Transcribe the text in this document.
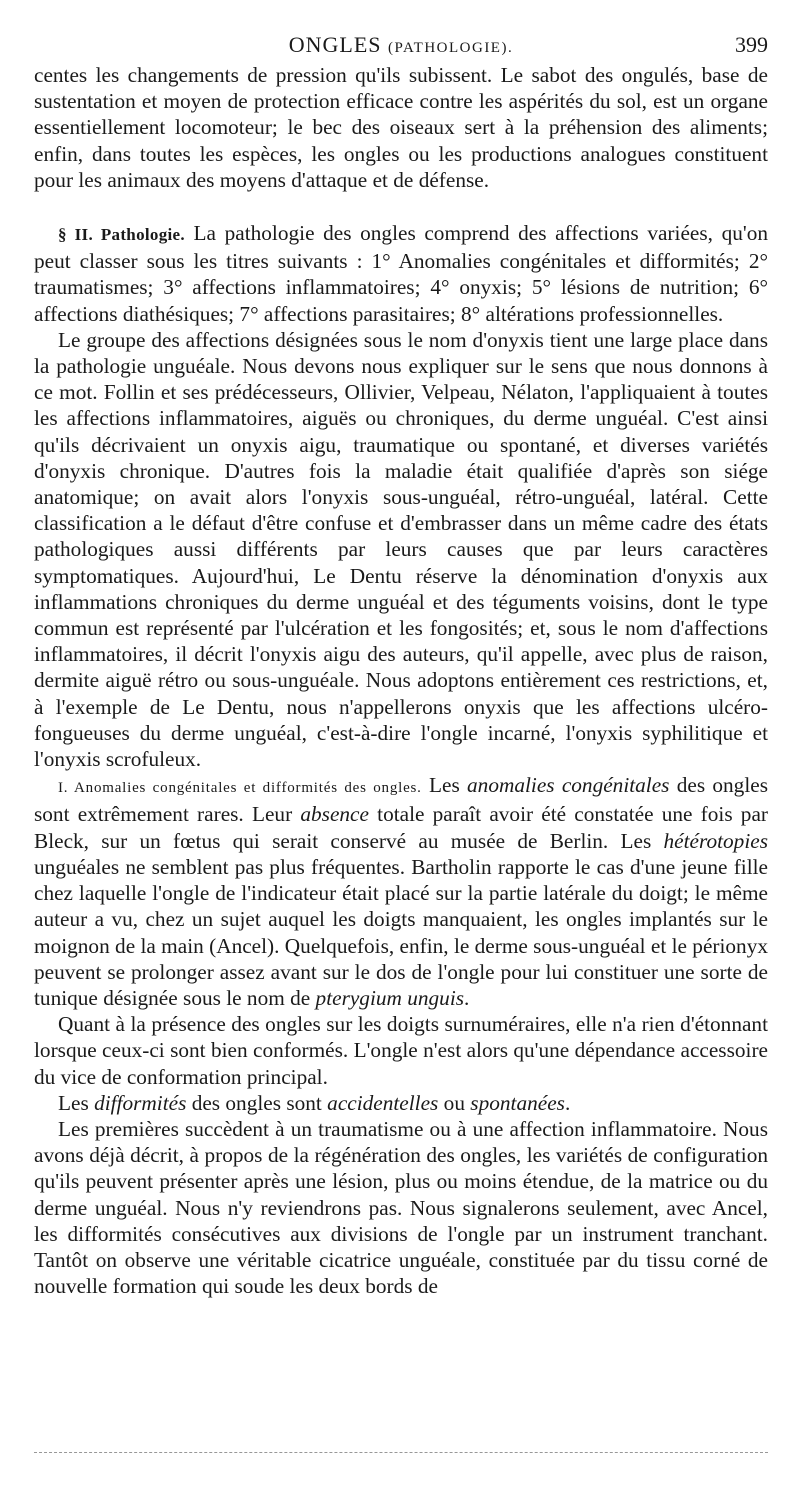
ONGLES (PATHOLOGIE).	399

centes les changements de pression qu'ils subissent. Le sabot des ongulés, base de sustentation et moyen de protection efficace contre les aspérités du sol, est un organe essentiellement locomoteur; le bec des oiseaux sert à la préhension des aliments; enfin, dans toutes les espèces, les ongles ou les productions analogues constituent pour les animaux des moyens d'attaque et de défense.

§ II. Pathologie. La pathologie des ongles comprend des affections variées, qu'on peut classer sous les titres suivants : 1° Anomalies congénitales et difformités; 2° traumatismes; 3° affections inflammatoires; 4° onyxis; 5° lésions de nutrition; 6° affections diathésiques; 7° affections parasitaires; 8° altérations professionnelles.

Le groupe des affections désignées sous le nom d'onyxis tient une large place dans la pathologie unguéale. Nous devons nous expliquer sur le sens que nous donnons à ce mot. Follin et ses prédécesseurs, Ollivier, Velpeau, Nélaton, l'appliquaient à toutes les affections inflammatoires, aiguës ou chroniques, du derme unguéal. C'est ainsi qu'ils décrivaient un onyxis aigu, traumatique ou spontané, et diverses variétés d'onyxis chronique. D'autres fois la maladie était qualifiée d'après son siége anatomique; on avait alors l'onyxis sous-unguéal, rétro-unguéal, latéral. Cette classification a le défaut d'être confuse et d'embrasser dans un même cadre des états pathologiques aussi différents par leurs causes que par leurs caractères symptomatiques. Aujourd'hui, Le Dentu réserve la dénomination d'onyxis aux inflammations chroniques du derme unguéal et des téguments voisins, dont le type commun est représenté par l'ulcération et les fongosités; et, sous le nom d'affections inflammatoires, il décrit l'onyxis aigu des auteurs, qu'il appelle, avec plus de raison, dermite aiguë rétro ou sous-unguéale. Nous adoptons entièrement ces restrictions, et, à l'exemple de Le Dentu, nous n'appellerons onyxis que les affections ulcéro-fongueuses du derme unguéal, c'est-à-dire l'ongle incarné, l'onyxis syphilitique et l'onyxis scrofuleux.

I. Anomalies congénitales et difformités des ongles. Les anomalies congénitales des ongles sont extrêmement rares. Leur absence totale paraît avoir été constatée une fois par Bleck, sur un fœtus qui serait conservé au musée de Berlin. Les hétérotopies unguéales ne semblent pas plus fréquentes. Bartholin rapporte le cas d'une jeune fille chez laquelle l'ongle de l'indicateur était placé sur la partie latérale du doigt; le même auteur a vu, chez un sujet auquel les doigts manquaient, les ongles implantés sur le moignon de la main (Ancel). Quelquefois, enfin, le derme sous-unguéal et le périonyx peuvent se prolonger assez avant sur le dos de l'ongle pour lui constituer une sorte de tunique désignée sous le nom de pterygium unguis.

Quant à la présence des ongles sur les doigts surnuméraires, elle n'a rien d'étonnant lorsque ceux-ci sont bien conformés. L'ongle n'est alors qu'une dépendance accessoire du vice de conformation principal.

Les difformités des ongles sont accidentelles ou spontanées.

Les premières succèdent à un traumatisme ou à une affection inflammatoire. Nous avons déjà décrit, à propos de la régénération des ongles, les variétés de configuration qu'ils peuvent présenter après une lésion, plus ou moins étendue, de la matrice ou du derme unguéal. Nous n'y reviendrons pas. Nous signalerons seulement, avec Ancel, les difformités consécutives aux divisions de l'ongle par un instrument tranchant. Tantôt on observe une véritable cicatrice unguéale, constituée par du tissu corné de nouvelle formation qui soude les deux bords de
